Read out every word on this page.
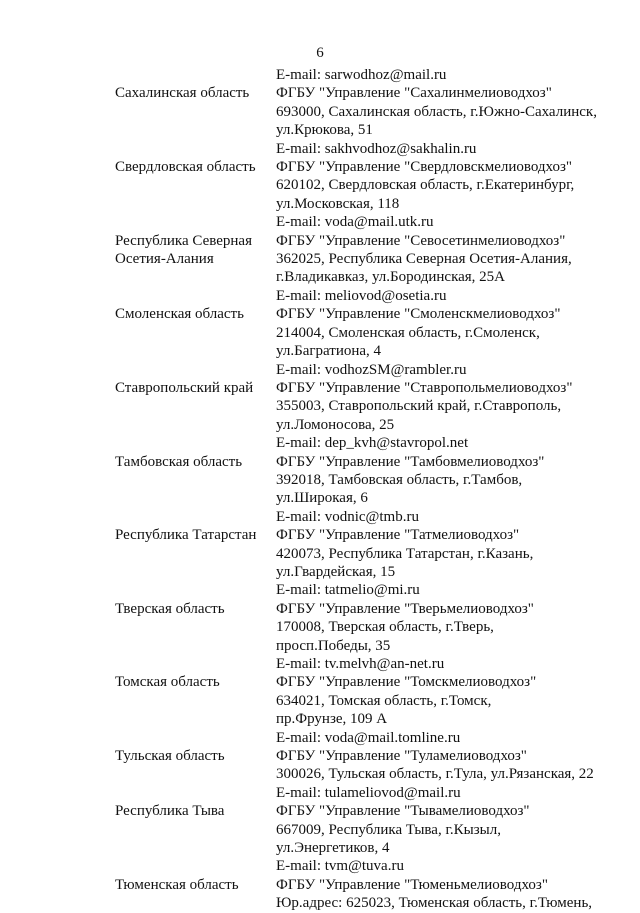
6
E-mail: sarwodhoz@mail.ru
Сахалинская область	ФГБУ "Управление "Сахалинмелиоводхоз"
693000, Сахалинская область, г.Южно-Сахалинск,
ул.Крюкова, 51
E-mail: sakhvodhoz@sakhalin.ru
Свердловская область	ФГБУ "Управление "Свердловскмелиоводхоз"
620102, Свердловская область, г.Екатеринбург,
ул.Московская, 118
E-mail: voda@mail.utk.ru
Республика Северная
Осетия-Алания
ФГБУ "Управление "Севосетинмелиоводхоз"
362025, Республика Северная Осетия-Алания,
г.Владикавказ, ул.Бородинская, 25А
E-mail: meliovod@osetia.ru
Смоленская область	ФГБУ "Управление "Смоленскмелиоводхоз"
214004, Смоленская область, г.Смоленск,
ул.Багратиона, 4
E-mail: vodhozSM@rambler.ru
Ставропольский край	ФГБУ "Управление "Ставропольмелиоводхоз"
355003, Ставропольский край, г.Ставрополь,
ул.Ломоносова, 25
E-mail: dep_kvh@stavropol.net
Тамбовская область	ФГБУ "Управление "Тамбовмелиоводхоз"
392018, Тамбовская область, г.Тамбов,
ул.Широкая, 6
E-mail: vodnic@tmb.ru
Республика Татарстан	ФГБУ "Управление "Татмелиоводхоз"
420073, Республика Татарстан, г.Казань,
ул.Гвардейская, 15
E-mail: tatmelio@mi.ru
Тверская область	ФГБУ "Управление "Тверьмелиоводхоз"
170008, Тверская область, г.Тверь,
просп.Победы, 35
E-mail: tv.melvh@an-net.ru
Томская область	ФГБУ "Управление "Томскмелиоводхоз"
634021, Томская область, г.Томск,
пр.Фрунзе, 109 А
E-mail: voda@mail.tomline.ru
Тульская область	ФГБУ "Управление "Туламелиоводхоз"
300026, Тульская область, г.Тула, ул.Рязанская, 22
E-mail: tulameliovod@mail.ru
Республика Тыва	ФГБУ "Управление "Тывамелиоводхоз"
667009, Республика Тыва, г.Кызыл,
ул.Энергетиков, 4
E-mail: tvm@tuva.ru
Тюменская область	ФГБУ "Управление "Тюменьмелиоводхоз"
Юр.адрес: 625023, Тюменская область, г.Тюмень,
